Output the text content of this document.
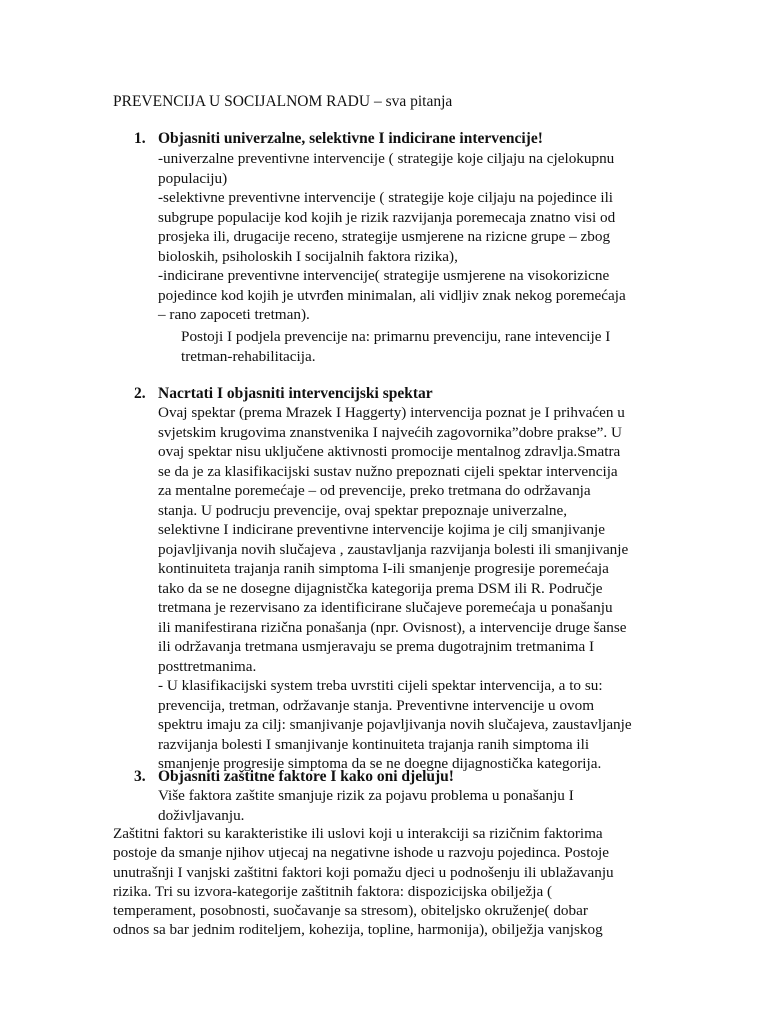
PREVENCIJA U SOCIJALNOM RADU – sva pitanja
1. Objasniti univerzalne, selektivne I indicirane intervencije!
-univerzalne preventivne intervencije ( strategije koje ciljaju na cjelokupnu
populaciju)
-selektivne preventivne intervencije ( strategije koje ciljaju na pojedince ili
subgrupe populacije kod kojih je rizik razvijanja poremecaja znatno visi od
prosjeka ili, drugacije receno, strategije usmjerene na rizicne grupe – zbog
bioloskih, psiholoskih I socijalnih faktora rizika),
-indicirane preventivne intervencije( strategije usmjerene na visokorizicne
pojedince kod kojih je utvrđen minimalan, ali vidljiv znak nekog poremećaja
– rano zapoceti tretman).
Postoji I podjela prevencije na: primarnu prevenciju, rane intevencije I
tretman-rehabilitacija.
2. Nacrtati I objasniti intervencijski spektar
Ovaj spektar (prema Mrazek I Haggerty) intervencija poznat je I prihvaćen u
svjetskim krugovima znanstvenika I najvećih zagovornika”dobre prakse”. U
ovaj spektar nisu uključene aktivnosti promocije mentalnog zdravlja.Smatra
se da je za klasifikacijski sustav nužno prepoznati cijeli spektar intervencija
za mentalne poremećaje – od prevencije, preko tretmana do održavanja
stanja. U podrucju prevencije, ovaj spektar prepoznaje univerzalne,
selektivne I indicirane preventivne intervencije kojima je cilj smanjivanje
pojavljivanja novih slučajeva , zaustavljanja razvijanja bolesti ili smanjivanje
kontinuiteta trajanja ranih simptoma I-ili smanjenje progresije poremećaja
tako da se ne dosegne dijagnistčka kategorija prema DSM ili R. Područje
tretmana je rezervisano za identificirane slučajeve poremećaja u ponašanju
ili manifestirana rizična ponašanja (npr. Ovisnost), a intervencije druge šanse
ili održavanja tretmana usmjeravaju se prema dugotrajnim tretmanima I
posttretmanima.
- U klasifikacijski system treba uvrstiti cijeli spektar intervencija, a to su:
prevencija, tretman, održavanje stanja. Preventivne intervencije u ovom
spektru imaju za cilj: smanjivanje pojavljivanja novih slučajeva, zaustavljanje
razvijanja bolesti I smanjivanje kontinuiteta trajanja ranih simptoma ili
smanjenje progresije simptoma da se ne doegne dijagnostička kategorija.
3. Objasniti zaštitne faktore I kako oni djeluju!
Više faktora zaštite smanjuje rizik za pojavu problema u ponašanju I
doživljavanju.
Zaštitni faktori su karakteristike ili uslovi koji u interakciji sa rizičnim faktorima
postoje da smanje njihov utjecaj na negativne ishode u razvoju pojedinca. Postoje
unutrašnji I vanjski zaštitni faktori koji pomažu djeci u podnošenju ili ublažavanju
rizika. Tri su izvora-kategorije zaštitnih faktora: dispozicijska obilježja (
temperament, posobnosti, suočavanje sa stresom), obiteljsko okruženje( dobar
odnos sa bar jednim roditeljem, kohezija, topline, harmonija), obilježja vanjskog
